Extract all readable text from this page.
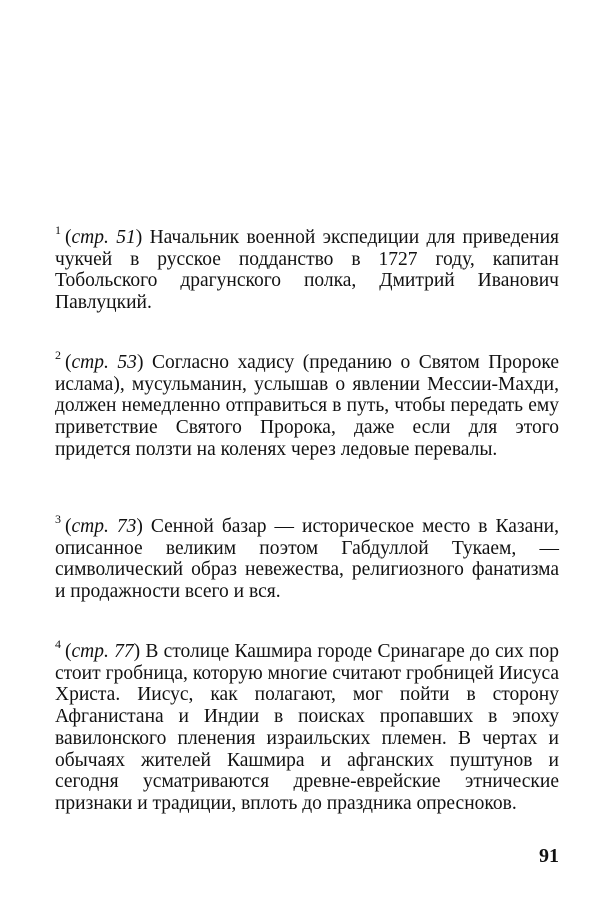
$^1$ (стр. 51) Начальник военной экспедиции для приведения чукчей в русское подданство в 1727 году, капитан Тобольского драгунского полка, Дмитрий Иванович Павлуцкий.

$^2$ (стр. 53) Согласно хадису (преданию о Святом Пророке ислама), мусульманин, услышав о явлении Мессии-Махди, должен немедленно отправиться в путь, чтобы передать ему приветствие Святого Пророка, даже если для этого придется ползти на коленях через ледовые перевалы.

$^3$ (стр. 73) Сенной базар — историческое место в Казани, описанное великим поэтом Габдуллой Тукаем, — символический образ невежества, религиозного фанатизма и продажности всего и вся.

$^4$ (стр. 77) В столице Кашмира городе Сринагаре до сих пор стоит гробница, которую многие считают гробницей Иисуса Христа. Иисус, как полагают, мог пойти в сторону Афганистана и Индии в поисках пропавших в эпоху вавилонского пленения израильских племен. В чертах и обычаях жителей Кашмира и афганских пуштунов и сегодня усматриваются древне-еврейские этнические признаки и традиции, вплоть до праздника опресноков.

91
